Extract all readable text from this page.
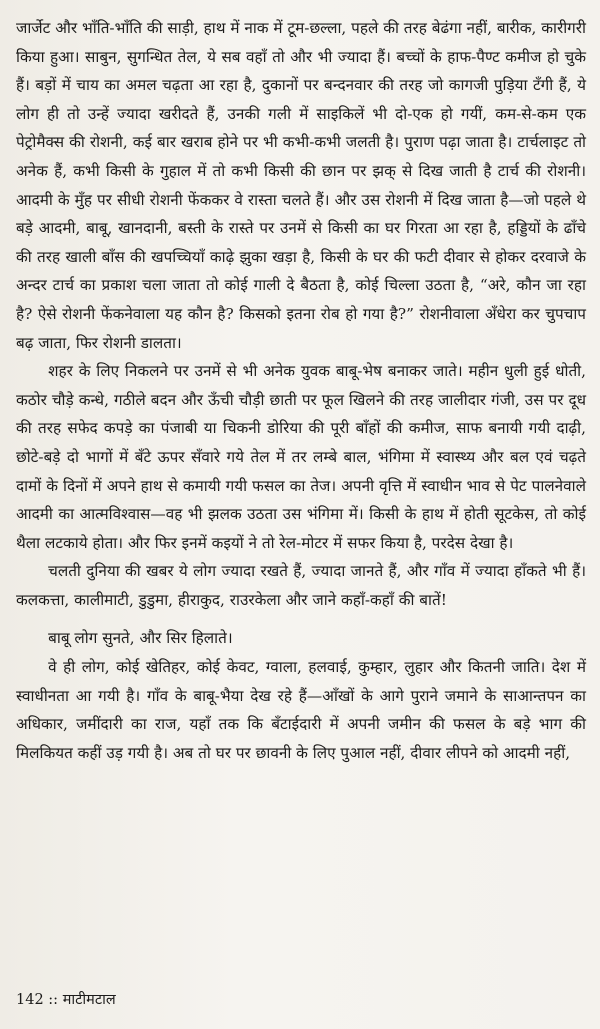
जार्जेट और भाँति-भाँति की साड़ी, हाथ में नाक में टूम-छल्ला, पहले की तरह बेढंगा नहीं, बारीक, कारीगरी किया हुआ। साबुन, सुगन्धित तेल, ये सब वहाँ तो और भी ज्यादा हैं। बच्चों के हाफ-पैण्ट कमीज हो चुके हैं। बड़ों में चाय का अमल चढ़ता आ रहा है, दुकानों पर बन्दनवार की तरह जो कागजी पुड़िया टँगी हैं, ये लोग ही तो उन्हें ज्यादा खरीदते हैं, उनकी गली में साइकिलें भी दो-एक हो गयीं, कम-से-कम एक पेट्रोमैक्स की रोशनी, कई बार खराब होने पर भी कभी-कभी जलती है। पुराण पढ़ा जाता है। टार्चलाइट तो अनेक हैं, कभी किसी के गुहाल में तो कभी किसी की छान पर झक् से दिख जाती है टार्च की रोशनी। आदमी के मुँह पर सीधी रोशनी फेंककर वे रास्ता चलते हैं। और उस रोशनी में दिख जाता है—जो पहले थे बड़े आदमी, बाबू, खानदानी, बस्ती के रास्ते पर उनमें से किसी का घर गिरता आ रहा है, हड्डियों के ढाँचे की तरह खाली बाँस की खपच्चियाँ काढ़े झुका खड़ा है, किसी के घर की फटी दीवार से होकर दरवाजे के अन्दर टार्च का प्रकाश चला जाता तो कोई गाली दे बैठता है, कोई चिल्ला उठता है, “अरे, कौन जा रहा है? ऐसे रोशनी फेंकनेवाला यह कौन है? किसको इतना रोब हो गया है?” रोशनीवाला अँधेरा कर चुपचाप बढ़ जाता, फिर रोशनी डालता।

शहर के लिए निकलने पर उनमें से भी अनेक युवक बाबू-भेष बनाकर जाते। महीन धुली हुई धोती, कठोर चौड़े कन्धे, गठीले बदन और ऊँची चौड़ी छाती पर फूल खिलने की तरह जालीदार गंजी, उस पर दूध की तरह सफेद कपड़े का पंजाबी या चिकनी डोरिया की पूरी बाँहों की कमीज, साफ बनायी गयी दाढ़ी, छोटे-बड़े दो भागों में बँटे ऊपर सँवारे गये तेल में तर लम्बे बाल, भंगिमा में स्वास्थ्य और बल एवं चढ़ते दामों के दिनों में अपने हाथ से कमायी गयी फसल का तेज। अपनी वृत्ति में स्वाधीन भाव से पेट पालनेवाले आदमी का आत्मविश्वास—वह भी झलक उठता उस भंगिमा में। किसी के हाथ में होती सूटकेस, तो कोई थैला लटकाये होता। और फिर इनमें कइयों ने तो रेल-मोटर में सफर किया है, परदेस देखा है।

चलती दुनिया की खबर ये लोग ज्यादा रखते हैं, ज्यादा जानते हैं, और गाँव में ज्यादा हाँकते भी हैं। कलकत्ता, कालीमाटी, डुडुमा, हीराकुद, राउरकेला और जाने कहाँ-कहाँ की बातें!

बाबू लोग सुनते, और सिर हिलाते।

वे ही लोग, कोई खेतिहर, कोई केवट, ग्वाला, हलवाई, कुम्हार, लुहार और कितनी जाति। देश में स्वाधीनता आ गयी है। गाँव के बाबू-भैया देख रहे हैं—आँखों के आगे पुराने जमाने के साआन्तपन का अधिकार, जमींदारी का राज, यहाँ तक कि बँटाईदारी में अपनी जमीन की फसल के बड़े भाग की मिलकियत कहीं उड़ गयी है। अब तो घर पर छावनी के लिए पुआल नहीं, दीवार लीपने को आदमी नहीं,

142 :: माटीमटाल
